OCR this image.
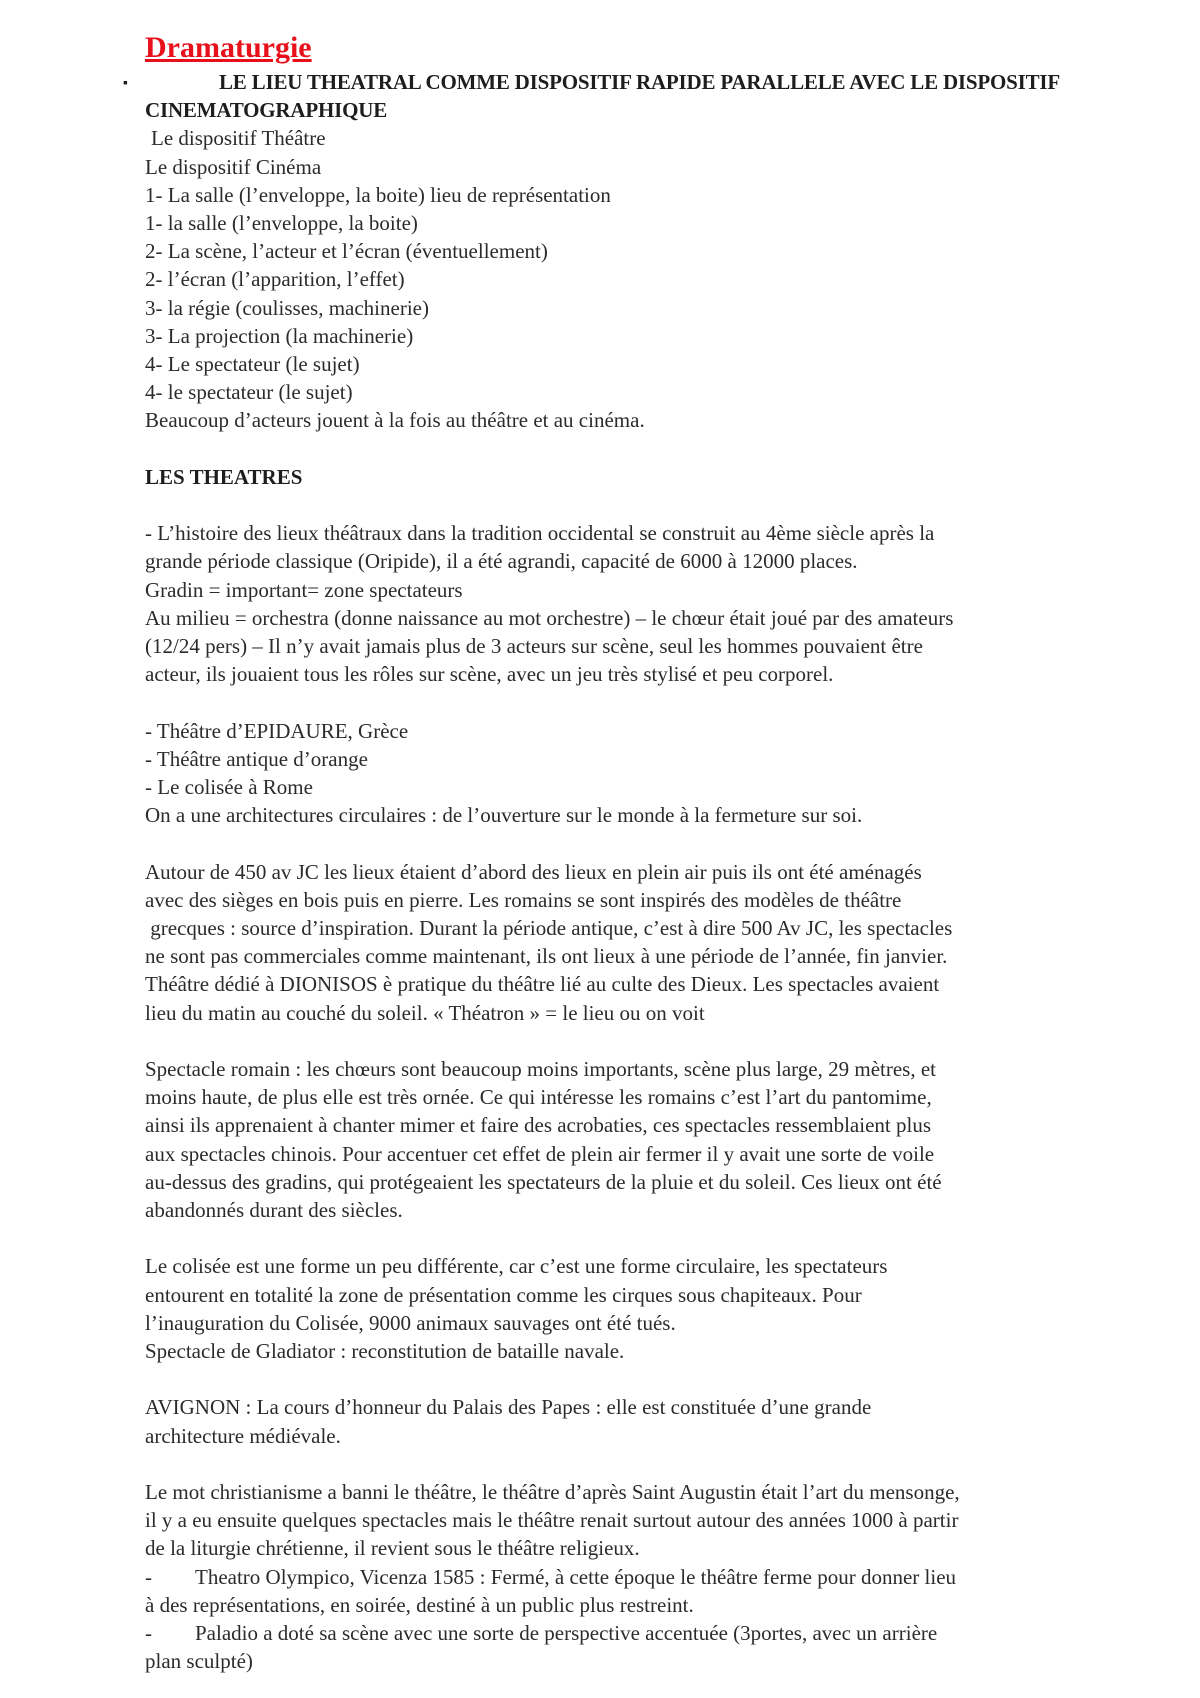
Dramaturgie
▪	LE LIEU THEATRAL COMME DISPOSITIF RAPIDE PARALLELE AVEC LE DISPOSITIF CINEMATOGRAPHIQUE
Le dispositif Théâtre
Le dispositif Cinéma
1- La salle (l’enveloppe, la boite) lieu de représentation
1- la salle (l’enveloppe, la boite)
2- La scène, l’acteur et l’écran (éventuellement)
2- l’écran (l’apparition, l’effet)
3- la régie (coulisses, machinerie)
3- La projection (la machinerie)
4- Le spectateur (le sujet)
4- le spectateur (le sujet)
Beaucoup d’acteurs jouent à la fois au théâtre et au cinéma.
LES THEATRES
- L’histoire des lieux théâtraux dans la tradition occidental se construit au 4ème siècle après la
grande période classique (Oripide), il a été agrandi, capacité de 6000 à 12000 places.
Gradin = important= zone spectateurs
Au milieu = orchestra (donne naissance au mot orchestre) – le chœur était joué par des amateurs
(12/24 pers) – Il n’y avait jamais plus de 3 acteurs sur scène, seul les hommes pouvaient être
acteur, ils jouaient tous les rôles sur scène, avec un jeu très stylisé et peu corporel.
- Théâtre d’EPIDAURE, Grèce
- Théâtre antique d’orange
- Le colisée à Rome
On a une architectures circulaires : de l’ouverture sur le monde à la fermeture sur soi.
Autour de 450 av JC les lieux étaient d’abord des lieux en plein air puis ils ont été aménagés
avec des sièges en bois puis en pierre. Les romains se sont inspirés des modèles de théâtre
grecques : source d’inspiration. Durant la période antique, c’est à dire 500 Av JC, les spectacles
ne sont pas commerciales comme maintenant, ils ont lieux à une période de l’année, fin janvier.
Théâtre dédié à DIONISOS è pratique du théâtre lié au culte des Dieux. Les spectacles avaient
lieu du matin au couché du soleil. « Théatron » = le lieu ou on voit
Spectacle romain : les chœurs sont beaucoup moins importants, scène plus large, 29 mètres, et
moins haute, de plus elle est très ornée. Ce qui intéresse les romains c’est l’art du pantomime,
ainsi ils apprenaient à chanter mimer et faire des acrobaties, ces spectacles ressemblaient plus
aux spectacles chinois. Pour accentuer cet effet de plein air fermer il y avait une sorte de voile
au-dessus des gradins, qui protégeaient les spectateurs de la pluie et du soleil. Ces lieux ont été
abandonnés durant des siècles.
Le colisée est une forme un peu différente, car c’est une forme circulaire, les spectateurs
entourent en totalité la zone de présentation comme les cirques sous chapiteaux. Pour
l’inauguration du Colisée, 9000 animaux sauvages ont été tués.
Spectacle de Gladiator : reconstitution de bataille navale.
AVIGNON : La cours d’honneur du Palais des Papes : elle est constituée d’une grande
architecture médiévale.
Le mot christianisme a banni le théâtre, le théâtre d’après Saint Augustin était l’art du mensonge,
il y a eu ensuite quelques spectacles mais le théâtre renait surtout autour des années 1000 à partir
de la liturgie chrétienne, il revient sous le théâtre religieux.
- Theatro Olympico, Vicenza 1585 : Fermé, à cette époque le théâtre ferme pour donner lieu
à des représentations, en soirée, destiné à un public plus restreint.
- Paladio a doté sa scène avec une sorte de perspective accentuée (3portes, avec un arrière
plan sculpté)
